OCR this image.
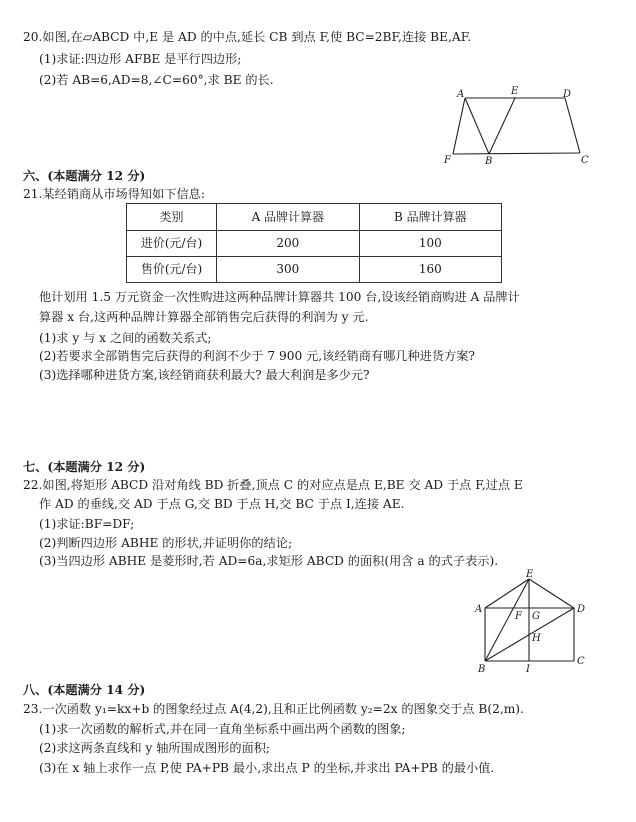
20.如图,在▱ABCD 中,E 是 AD 的中点,延长 CB 到点 F,使 BC=2BF,连接 BE,AF.
(1)求证:四边形 AFBE 是平行四边形;
(2)若 AB=6,AD=8,∠C=60°,求 BE 的长.
A	E	D
F	B	C
六、(本题满分 12 分)
21.某经销商从市场得知如下信息:
类别	A 品牌计算器	B 品牌计算器
进价(元/台)	200	100
售价(元/台)	300	160
他计划用 1.5 万元资金一次性购进这两种品牌计算器共 100 台,设该经销商购进 A 品牌计
算器 x 台,这两种品牌计算器全部销售完后获得的利润为 y 元.
(1)求 y 与 x 之间的函数关系式;
(2)若要求全部销售完后获得的利润不少于 7 900 元,该经销商有哪几种进货方案?
(3)选择哪种进货方案,该经销商获利最大? 最大利润是多少元?
七、(本题满分 12 分)
22.如图,将矩形 ABCD 沿对角线 BD 折叠,顶点 C 的对应点是点 E,BE 交 AD 于点 F,过点 E
作 AD 的垂线,交 AD 于点 G,交 BD 于点 H,交 BC 于点 I,连接 AE.
(1)求证:BF=DF;
(2)判断四边形 ABHE 的形状,并证明你的结论;
(3)当四边形 ABHE 是菱形时,若 AD=6a,求矩形 ABCD 的面积(用含 a 的式子表示).
E
A
F G
D
H
B	I
C
八、(本题满分 14 分)
23.一次函数 y₁=kx+b 的图象经过点 A(4,2),且和正比例函数 y₂=2x 的图象交于点 B(2,m).
(1)求一次函数的解析式,并在同一直角坐标系中画出两个函数的图象;
(2)求这两条直线和 y 轴所围成图形的面积;
(3)在 x 轴上求作一点 P,使 PA+PB 最小,求出点 P 的坐标,并求出 PA+PB 的最小值.
